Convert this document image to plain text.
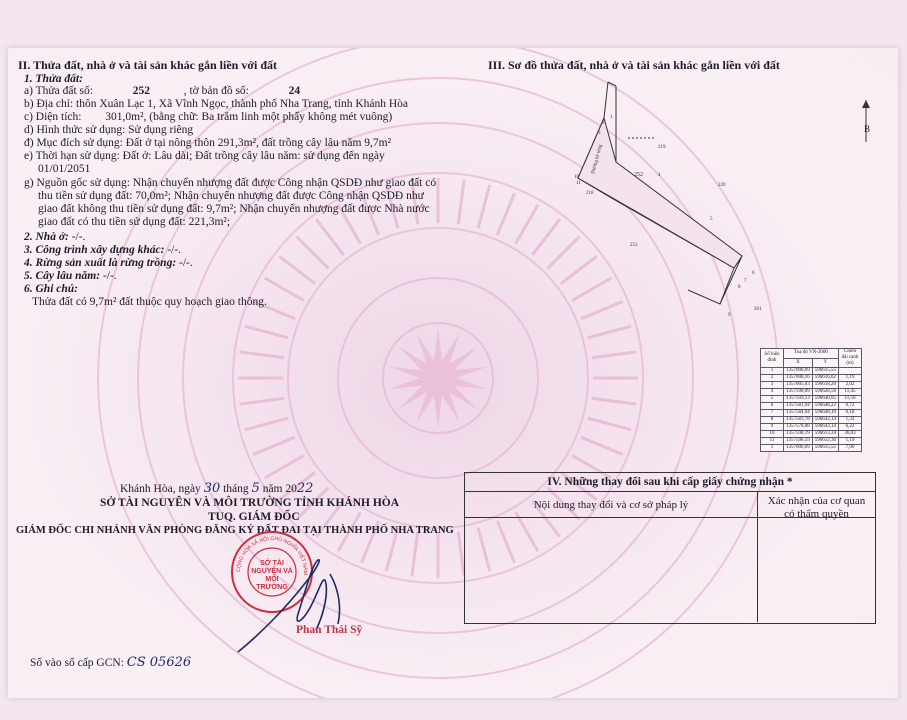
II. Thửa đất, nhà ở và tài sản khác gắn liền với đất
1. Thửa đất:
a) Thửa đất số:	252	, tờ bản đồ số:	24
b) Địa chỉ: thôn Xuân Lạc 1, Xã Vĩnh Ngọc, thành phố Nha Trang, tỉnh Khánh Hòa
c) Diện tích: 301,0m², (bằng chữ: Ba trăm linh một phẩy không mét vuông)
d) Hình thức sử dụng: Sử dụng riêng
đ) Mục đích sử dụng: Đất ở tại nông thôn 291,3m², đất trồng cây lâu năm 9,7m²
e) Thời hạn sử dụng: Đất ở: Lâu dài; Đất trồng cây lâu năm: sử dụng đến ngày
01/01/2051
g) Nguồn gốc sử dụng: Nhận chuyển nhượng đất được Công nhận QSDĐ như giao đất có
thu tiền sử dụng đất: 70,0m²; Nhận chuyển nhượng đất được Công nhận QSDĐ như
giao đất không thu tiền sử dụng đất: 9,7m²; Nhận chuyển nhượng đất được Nhà nước
giao đất có thu tiền sử dụng đất: 221,3m²;
2. Nhà ở: -/-.
3. Công trình xây dựng khác: -/-.
4. Rừng sản xuất là rừng trồng: -/-.
5. Cây lâu năm: -/-.
6. Ghi chú:
Thửa đất có 9,7m² đất thuộc quy hoạch giao thông.
III. Sơ đồ thửa đất, nhà ở và tài sản khác gắn liền với đất
B
Đường bê tông
252
219
220
253
261
218
1
2
3
4
5
6
7
8
9
10
11
Số hiệu đỉnh	Toạ độ VN-2000		Chiều dài cạnh (m)
	X	Y	
1	1357008,69	596615,55	
2	1357008,16	596616,62	1,19
3	1357005,03	596618,20	2,02
4	1357598,09	596628,56	11,45
5	1357593,13	596640,05	11,50
6	1357581,94	596648,22	0,72
7	1357584,04	596648,10	0,18
8	1357583,78	596642,14	1,33
9	1357578,08	596643,14	6,22
10	1357598,19	596613,34	36,03
11	1357598,59	596612,36	1,19
1	1357606,69	596615,55	7,96
Khánh Hòa, ngày 30 tháng 5 năm 2022
SỞ TÀI NGUYÊN VÀ MÔI TRƯỜNG TỈNH KHÁNH HÒA
TUQ. GIÁM ĐỐC
GIÁM ĐỐC CHI NHÁNH VĂN PHÒNG ĐĂNG KÝ ĐẤT ĐAI TẠI THÀNH PHỐ NHA TRANG
CỘNG HÒA XÃ HỘI CHỦ NGHĨA VIỆT NAM
SỞ TÀI NGUYÊN VÀ MÔI TRƯỜNG
Phan Thái Sỹ
Số vào sổ cấp GCN: CS 05626
IV. Những thay đổi sau khi cấp giấy chứng nhận *
Nội dung thay đổi và cơ sở pháp lý	Xác nhận của cơ quan
có thẩm quyền
